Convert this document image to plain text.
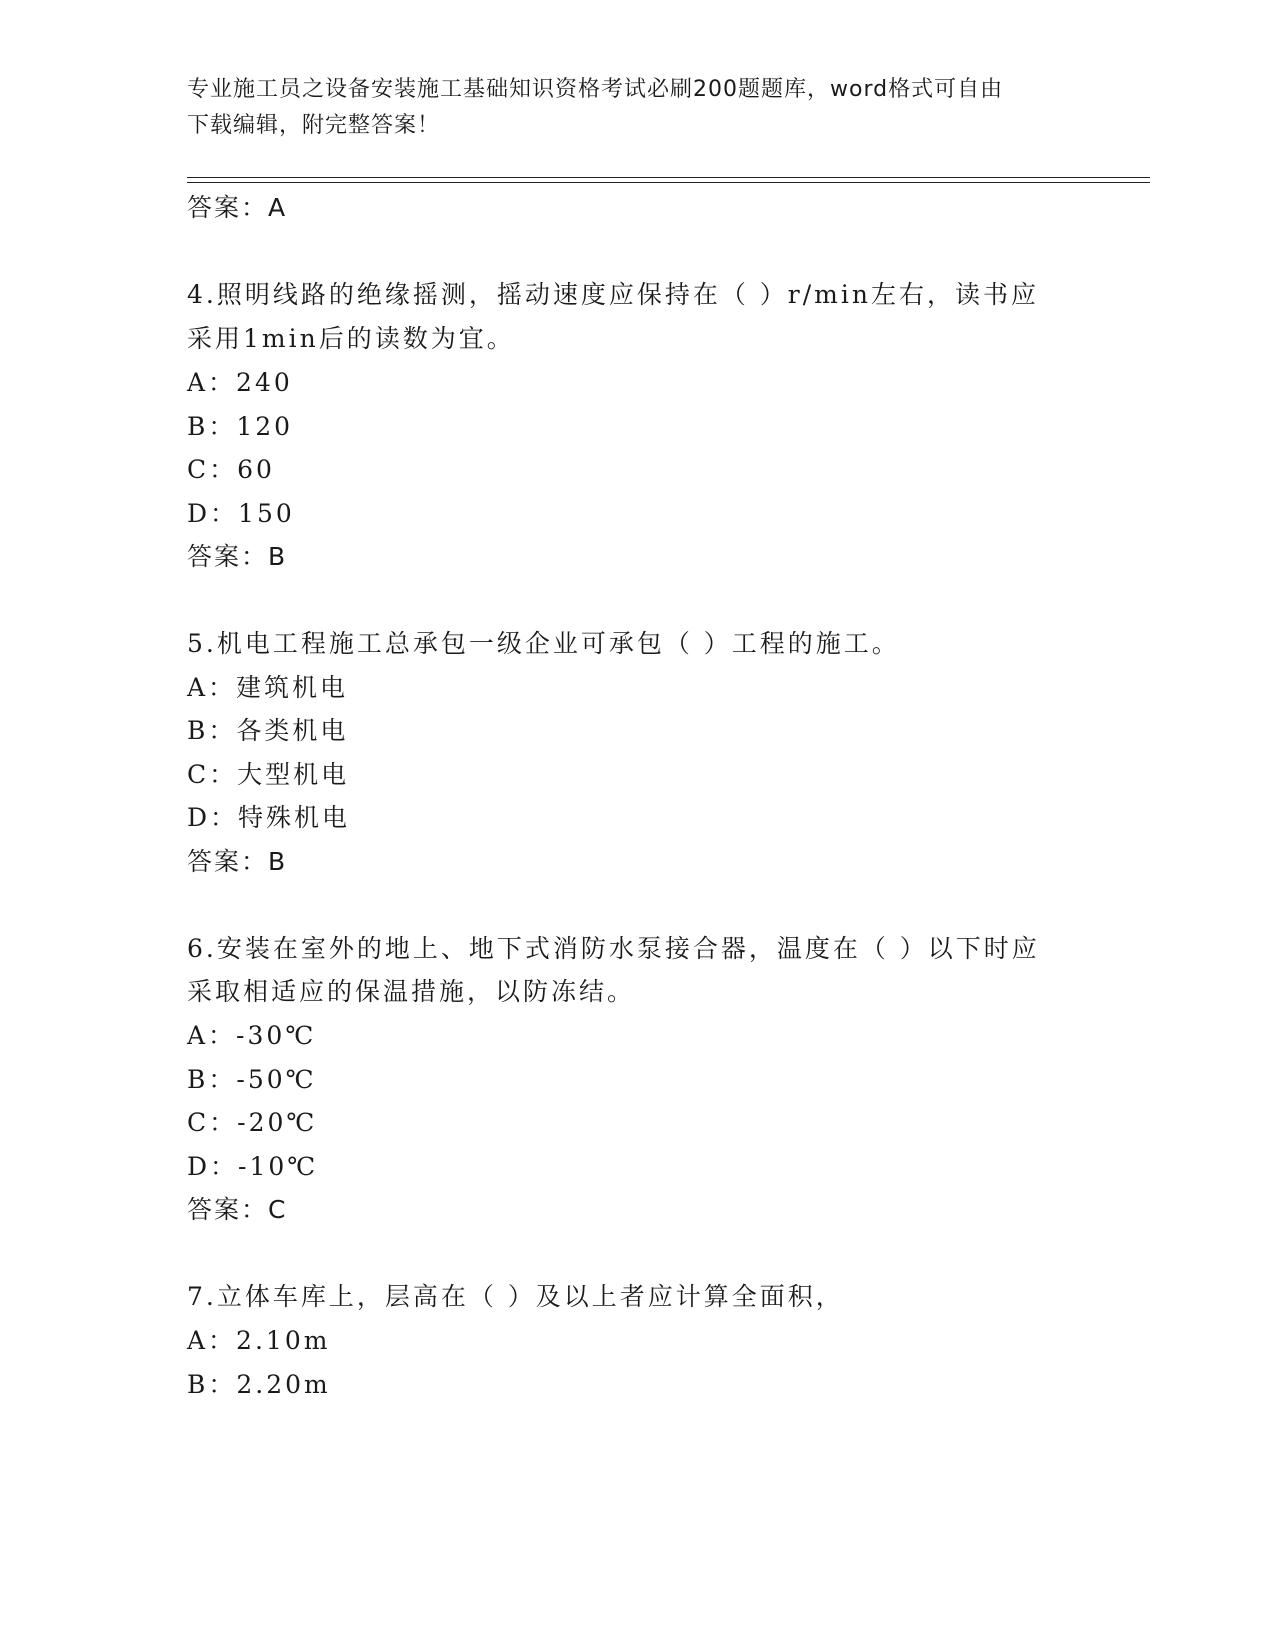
专业施工员之设备安装施工基础知识资格考试必刷200题题库，word格式可自由
下载编辑，附完整答案！

答案：A

4.照明线路的绝缘摇测，摇动速度应保持在（ ）r/min左右，读书应

采用1min后的读数为宜。

A：240

B：120

C：60

D：150

答案：B

5.机电工程施工总承包一级企业可承包（ ）工程的施工。

A：建筑机电

B：各类机电

C：大型机电

D：特殊机电

答案：B

6.安装在室外的地上、地下式消防水泵接合器，温度在（ ）以下时应

采取相适应的保温措施，以防冻结。

A：-30℃

B：-50℃

C：-20℃

D：-10℃

答案：C

7.立体车库上，层高在（ ）及以上者应计算全面积，

A：2.10m

B：2.20m
